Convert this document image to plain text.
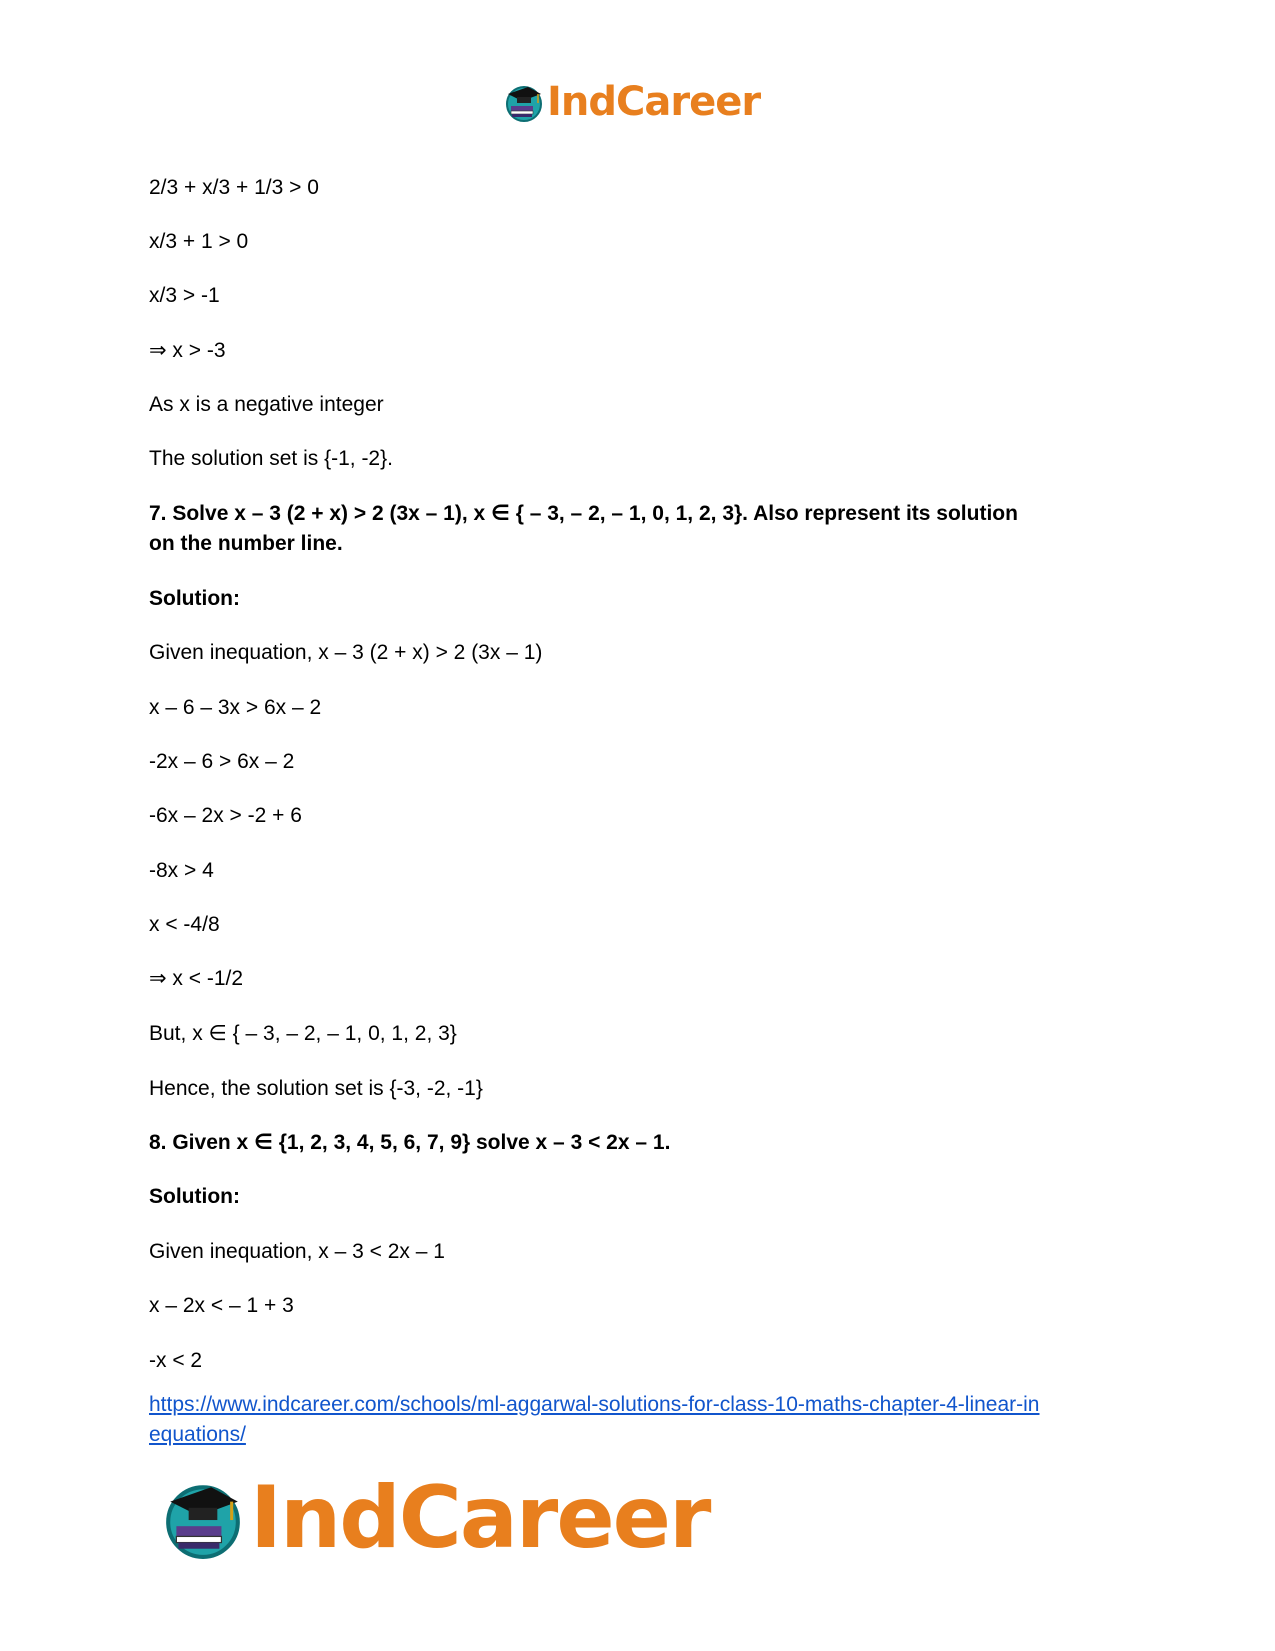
IndCareer
2/3 + x/3 + 1/3 > 0
x/3 + 1 > 0
x/3 > -1
⇒ x > -3
As x is a negative integer
The solution set is {-1, -2}.
7. Solve x – 3 (2 + x) > 2 (3x – 1), x ∈ { – 3, – 2, – 1, 0, 1, 2, 3}. Also represent its solution
on the number line.
Solution:
Given inequation, x – 3 (2 + x) > 2 (3x – 1)
x – 6 – 3x > 6x – 2
-2x – 6 > 6x – 2
-6x – 2x > -2 + 6
-8x > 4
x < -4/8
⇒ x < -1/2
But, x ∈ { – 3, – 2, – 1, 0, 1, 2, 3}
Hence, the solution set is {-3, -2, -1}
8. Given x ∈ {1, 2, 3, 4, 5, 6, 7, 9} solve x – 3 < 2x – 1.
Solution:
Given inequation, x – 3 < 2x – 1
x – 2x < – 1 + 3
-x < 2
https://www.indcareer.com/schools/ml-aggarwal-solutions-for-class-10-maths-chapter-4-linear-in
equations/
IndCareer
